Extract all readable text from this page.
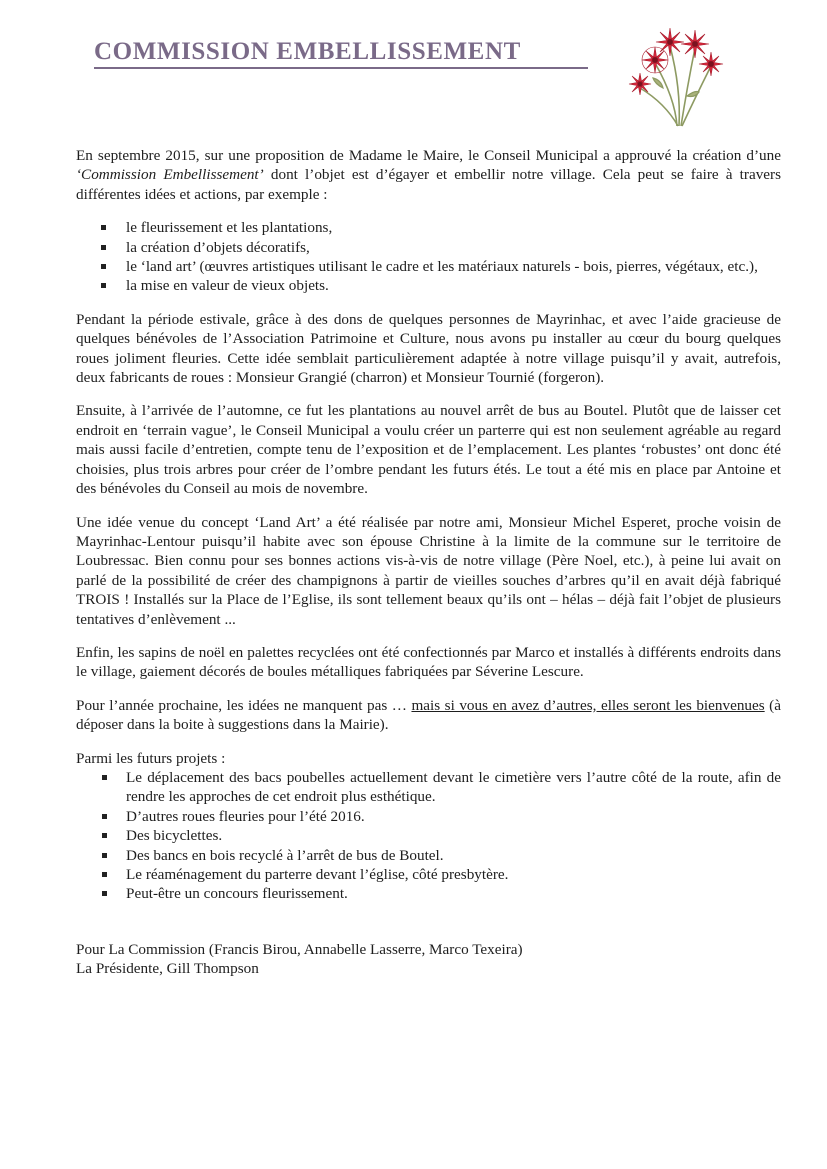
COMMISSION EMBELLISSEMENT

En septembre 2015, sur une proposition de Madame le Maire, le Conseil Municipal a approuvé la création d’une ‘Commission Embellissement’ dont l’objet est d’égayer et embellir notre village. Cela peut se faire à travers différentes idées et actions, par exemple :

le fleurissement et les plantations,
la création d’objets décoratifs,
le ‘land art’ (œuvres artistiques utilisant le cadre et les matériaux naturels - bois, pierres, végétaux, etc.),
la mise en valeur de vieux objets.

Pendant la période estivale, grâce à des dons de quelques personnes de Mayrinhac, et avec l’aide gracieuse de quelques bénévoles de l’Association Patrimoine et Culture, nous avons pu installer au cœur du bourg quelques roues joliment fleuries. Cette idée semblait particulièrement adaptée à notre village puisqu’il y avait, autrefois, deux fabricants de roues : Monsieur Grangié (charron) et Monsieur Tournié (forgeron).

Ensuite, à l’arrivée de l’automne, ce fut les plantations au nouvel arrêt de bus au Boutel. Plutôt que de laisser cet endroit en ‘terrain vague’, le Conseil Municipal a voulu créer un parterre qui est non seulement agréable au regard mais aussi facile d’entretien, compte tenu de l’exposition et de l’emplacement. Les plantes ‘robustes’ ont donc été choisies, plus trois arbres pour créer de l’ombre pendant les futurs étés. Le tout a été mis en place par Antoine et des bénévoles du Conseil au mois de novembre.

Une idée venue du concept ‘Land Art’ a été réalisée par notre ami, Monsieur Michel Esperet, proche voisin de Mayrinhac-Lentour puisqu’il habite avec son épouse Christine à la limite de la commune sur le territoire de Loubressac. Bien connu pour ses bonnes actions vis-à-vis de notre village (Père Noel, etc.), à peine lui avait on parlé de la possibilité de créer des champignons à partir de vieilles souches d’arbres qu’il en avait déjà fabriqué TROIS ! Installés sur la Place de l’Eglise, ils sont tellement beaux qu’ils ont – hélas – déjà fait l’objet de plusieurs tentatives d’enlèvement ...

Enfin, les sapins de noël en palettes recyclées ont été confectionnés par Marco et installés à différents endroits dans le village, gaiement décorés de boules métalliques fabriquées par Séverine Lescure.

Pour l’année prochaine, les idées ne manquent pas … mais si vous en avez d’autres, elles seront les bienvenues (à déposer dans la boite à suggestions dans la Mairie).

Parmi les futurs projets :
Le déplacement des bacs poubelles actuellement devant le cimetière vers l’autre côté de la route, afin de rendre les approches de cet endroit plus esthétique.
D’autres roues fleuries pour l’été 2016.
Des bicyclettes.
Des bancs en bois recyclé à l’arrêt de bus de Boutel.
Le réaménagement du parterre devant l’église, côté presbytère.
Peut-être un concours fleurissement.
Pour La Commission (Francis Birou, Annabelle Lasserre, Marco Texeira)
La Présidente, Gill Thompson
